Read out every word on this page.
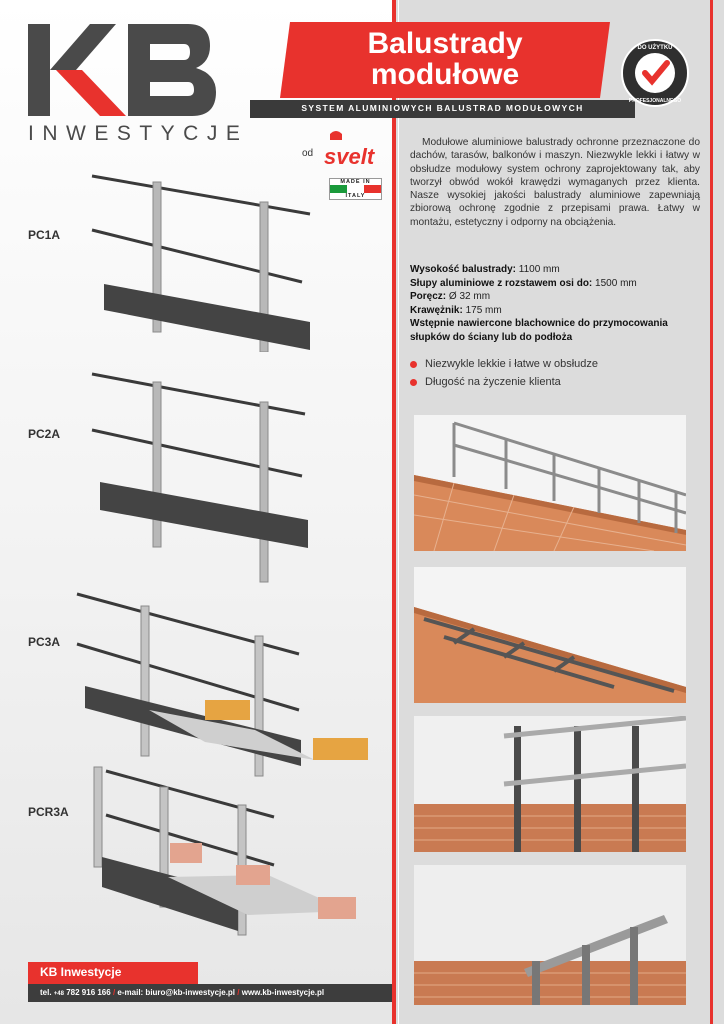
INWESTYCJE
Balustrady
modułowe
SYSTEM ALUMINIOWYCH BALUSTRAD MODUŁOWYCH
DO UŻYTKU
PROFESJONALNEGO
od svelt
MADE IN
ITALY
Modułowe aluminiowe balustrady ochronne przeznaczone do dachów, tarasów, balkonów i maszyn. Niezwykle lekki i łatwy w obsłudze modułowy system ochrony zaprojektowany tak, aby tworzył obwód wokół krawędzi wymaganych przez klienta. Nasze wysokiej jakości balustrady aluminiowe zapewniają zbiorową ochronę zgodnie z przepisami prawa. Łatwy w montażu, estetyczny i odporny na obciążenia.
Wysokość balustrady: 1100 mm
Słupy aluminiowe z rozstawem osi do: 1500 mm
Poręcz: Ø 32 mm
Krawężnik: 175 mm
Wstępnie nawiercone blachownice do przymocowania słupków do ściany lub do podłoża
Niezwykle lekkie i łatwe w obsłudze
Długość na życzenie klienta
PC1A
PC2A
PC3A
PCR3A
KB Inwestycje
tel. +48 782 916 166 / e-mail: biuro@kb-inwestycje.pl / www.kb-inwestycje.pl
